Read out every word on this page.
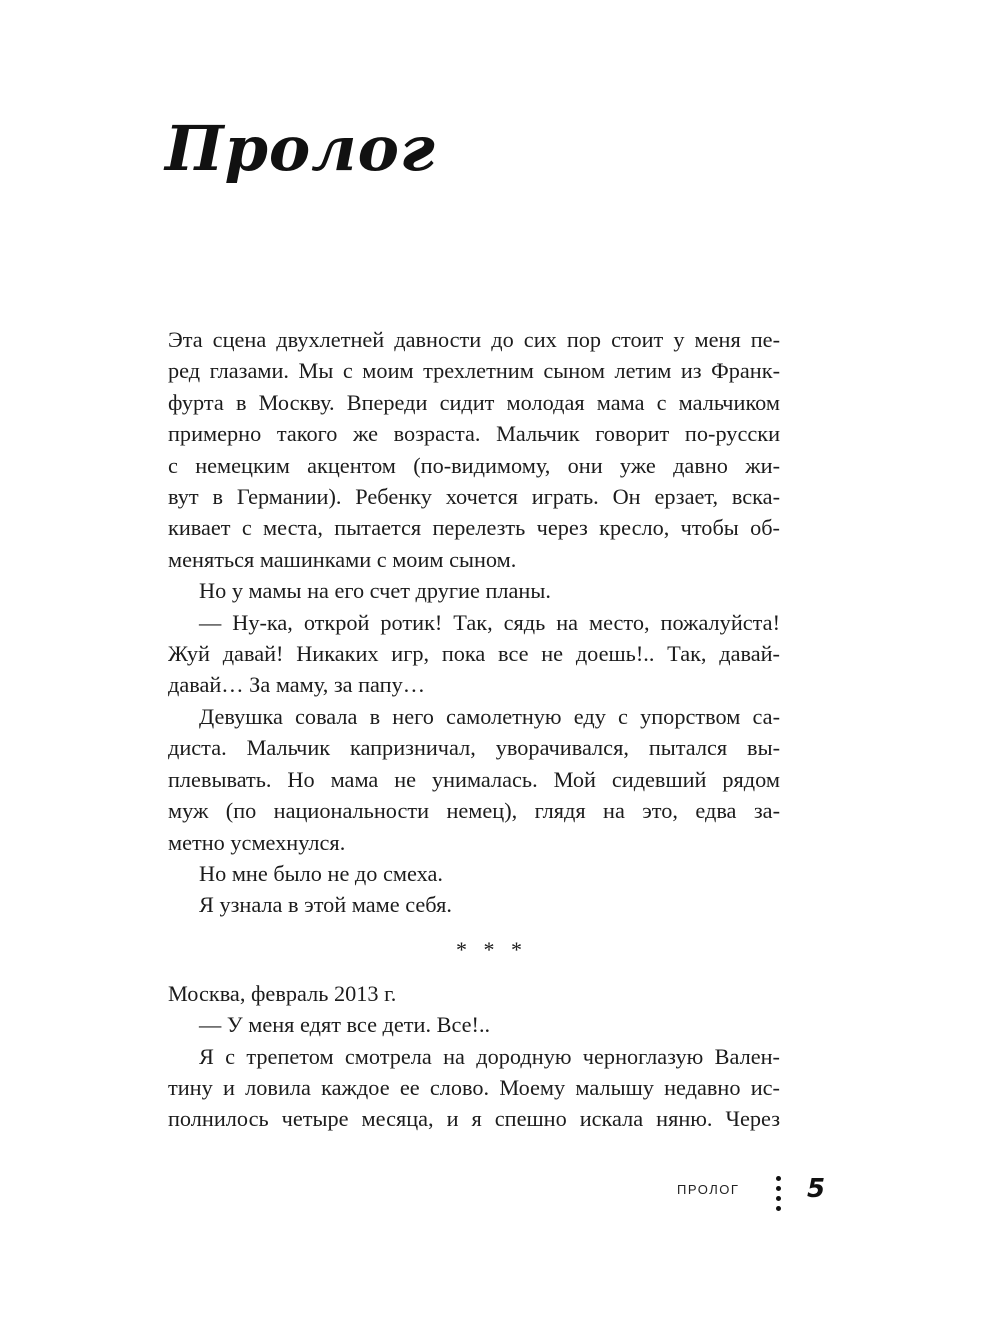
Пролог
Эта сцена двухлетней давности до сих пор стоит у меня пе-
ред глазами. Мы с моим трехлетним сыном летим из Франк-
фурта в Москву. Впереди сидит молодая мама с мальчиком
примерно такого же возраста. Мальчик говорит по-русски
с немецким акцентом (по-видимому, они уже давно жи-
вут в Германии). Ребенку хочется играть. Он ерзает, вска-
кивает с места, пытается перелезть через кресло, чтобы об-
меняться машинками с моим сыном.
Но у мамы на его счет другие планы.
— Ну-ка, открой ротик! Так, сядь на место, пожалуйста!
Жуй давай! Никаких игр, пока все не доешь!.. Так, давай-
давай… За маму, за папу…
Девушка совала в него самолетную еду с упорством са-
диста. Мальчик капризничал, уворачивался, пытался вы-
плевывать. Но мама не унималась. Мой сидевший рядом
муж (по национальности немец), глядя на это, едва за-
метно усмехнулся.
Но мне было не до смеха.
Я узнала в этой маме себя.
*   *   *
Москва, февраль 2013 г.
— У меня едят все дети. Все!..
Я с трепетом смотрела на дородную черноглазую Вален-
тину и ловила каждое ее слово. Моему малышу недавно ис-
полнилось четыре месяца, и я спешно искала няню. Через
ПРОЛОГ	5
